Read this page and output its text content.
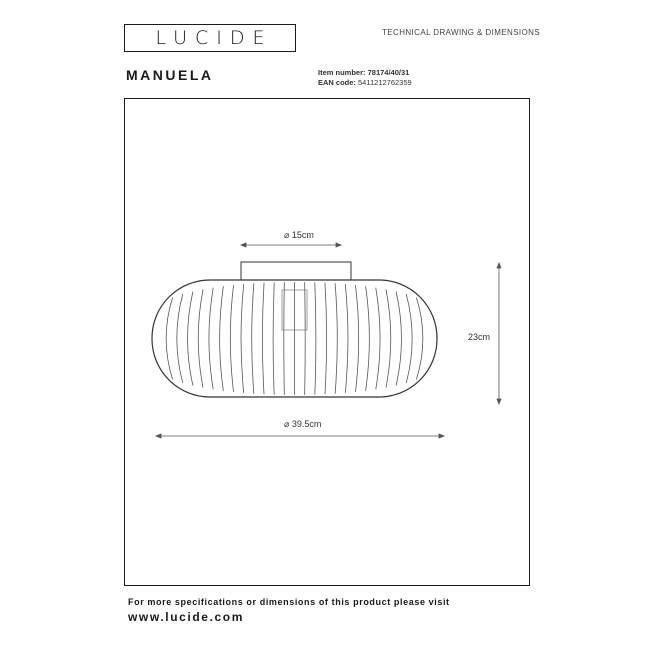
LUCIDE	TECHNICAL DRAWING & DIMENSIONS
MANUELA	Item number: 78174/40/31
EAN code: 5411212762359
⌀ 15cm
⌀ 39.5cm
23cm
For more specifications or dimensions of this product please visit
www.lucide.com
